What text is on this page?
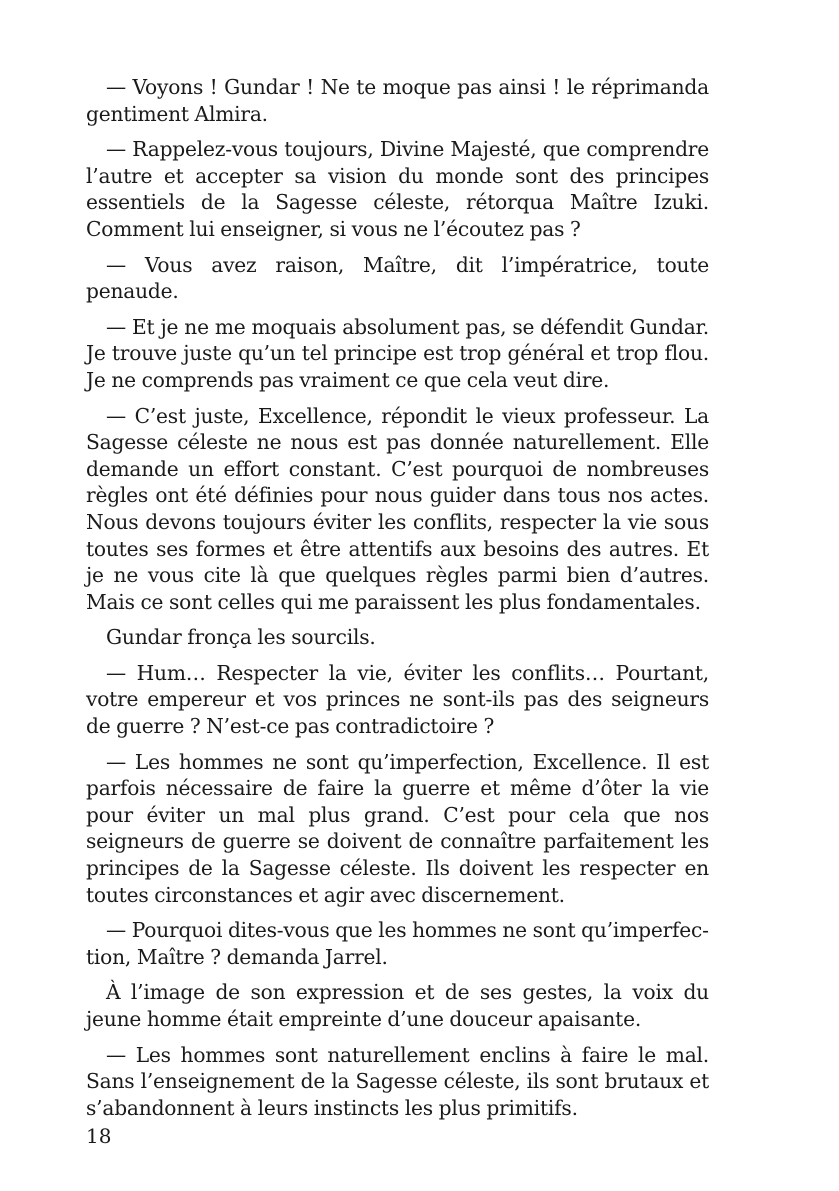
— Voyons ! Gundar ! Ne te moque pas ainsi ! le réprimanda gentiment Almira.

— Rappelez-vous toujours, Divine Majesté, que comprendre l’autre et accepter sa vision du monde sont des principes essentiels de la Sagesse céleste, rétorqua Maître Izuki. Comment lui enseigner, si vous ne l’écoutez pas ?

— Vous avez raison, Maître, dit l’impératrice, toute penaude.

— Et je ne me moquais absolument pas, se défendit Gundar. Je trouve juste qu’un tel principe est trop général et trop flou. Je ne comprends pas vraiment ce que cela veut dire.

— C’est juste, Excellence, répondit le vieux professeur. La Sagesse céleste ne nous est pas donnée naturellement. Elle demande un effort constant. C’est pourquoi de nombreuses règles ont été définies pour nous guider dans tous nos actes. Nous devons toujours éviter les conflits, respecter la vie sous toutes ses formes et être attentifs aux besoins des autres. Et je ne vous cite là que quelques règles parmi bien d’autres. Mais ce sont celles qui me paraissent les plus fondamentales.

Gundar fronça les sourcils.

— Hum… Respecter la vie, éviter les conflits… Pourtant, votre empereur et vos princes ne sont-ils pas des seigneurs de guerre ? N’est-ce pas contradictoire ?

— Les hommes ne sont qu’imperfection, Excellence. Il est parfois nécessaire de faire la guerre et même d’ôter la vie pour éviter un mal plus grand. C’est pour cela que nos seigneurs de guerre se doivent de connaître parfaitement les principes de la Sagesse céleste. Ils doivent les respecter en toutes circonstances et agir avec discernement.

— Pourquoi dites-vous que les hommes ne sont qu’imperfection, Maître ? demanda Jarrel.

À l’image de son expression et de ses gestes, la voix du jeune homme était empreinte d’une douceur apaisante.

— Les hommes sont naturellement enclins à faire le mal. Sans l’enseignement de la Sagesse céleste, ils sont brutaux et s’abandonnent à leurs instincts les plus primitifs.

18
